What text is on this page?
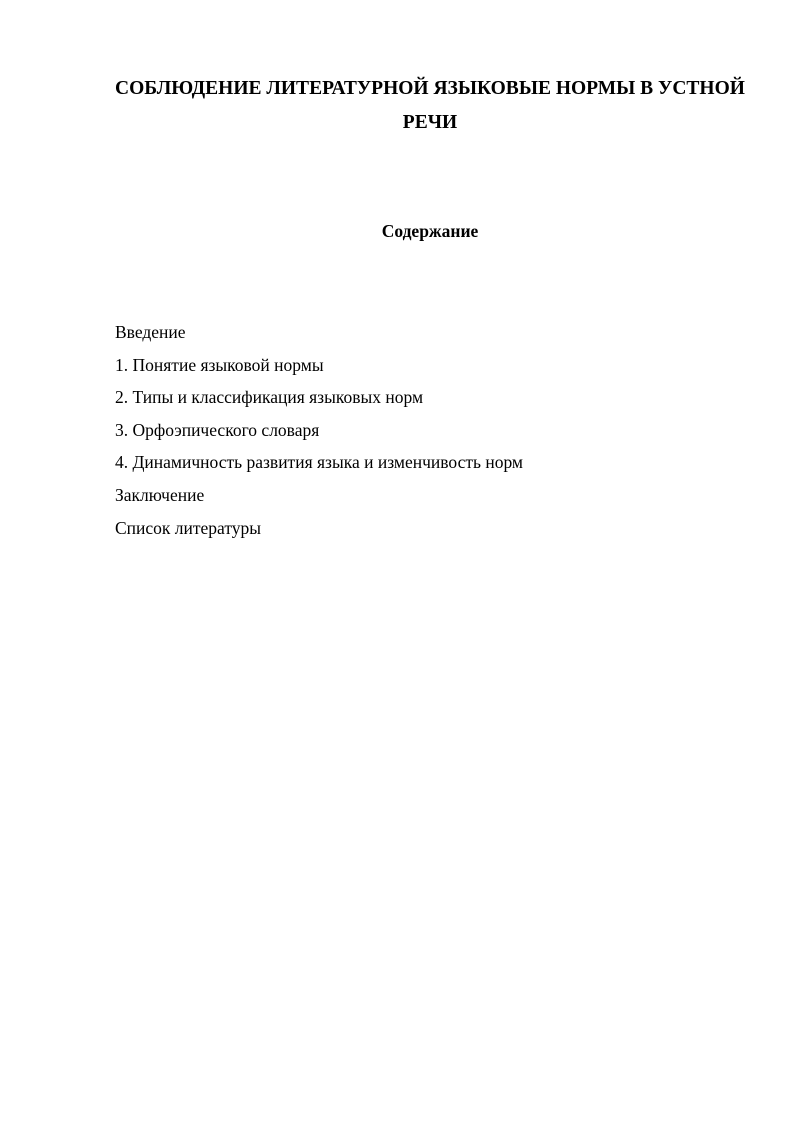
СОБЛЮДЕНИЕ ЛИТЕРАТУРНОЙ ЯЗЫКОВЫЕ НОРМЫ В УСТНОЙ РЕЧИ
Содержание
Введение
1. Понятие языковой нормы
2. Типы и классификация языковых норм
3. Орфоэпического словаря
4. Динамичность развития языка и изменчивость норм
Заключение
Список литературы
